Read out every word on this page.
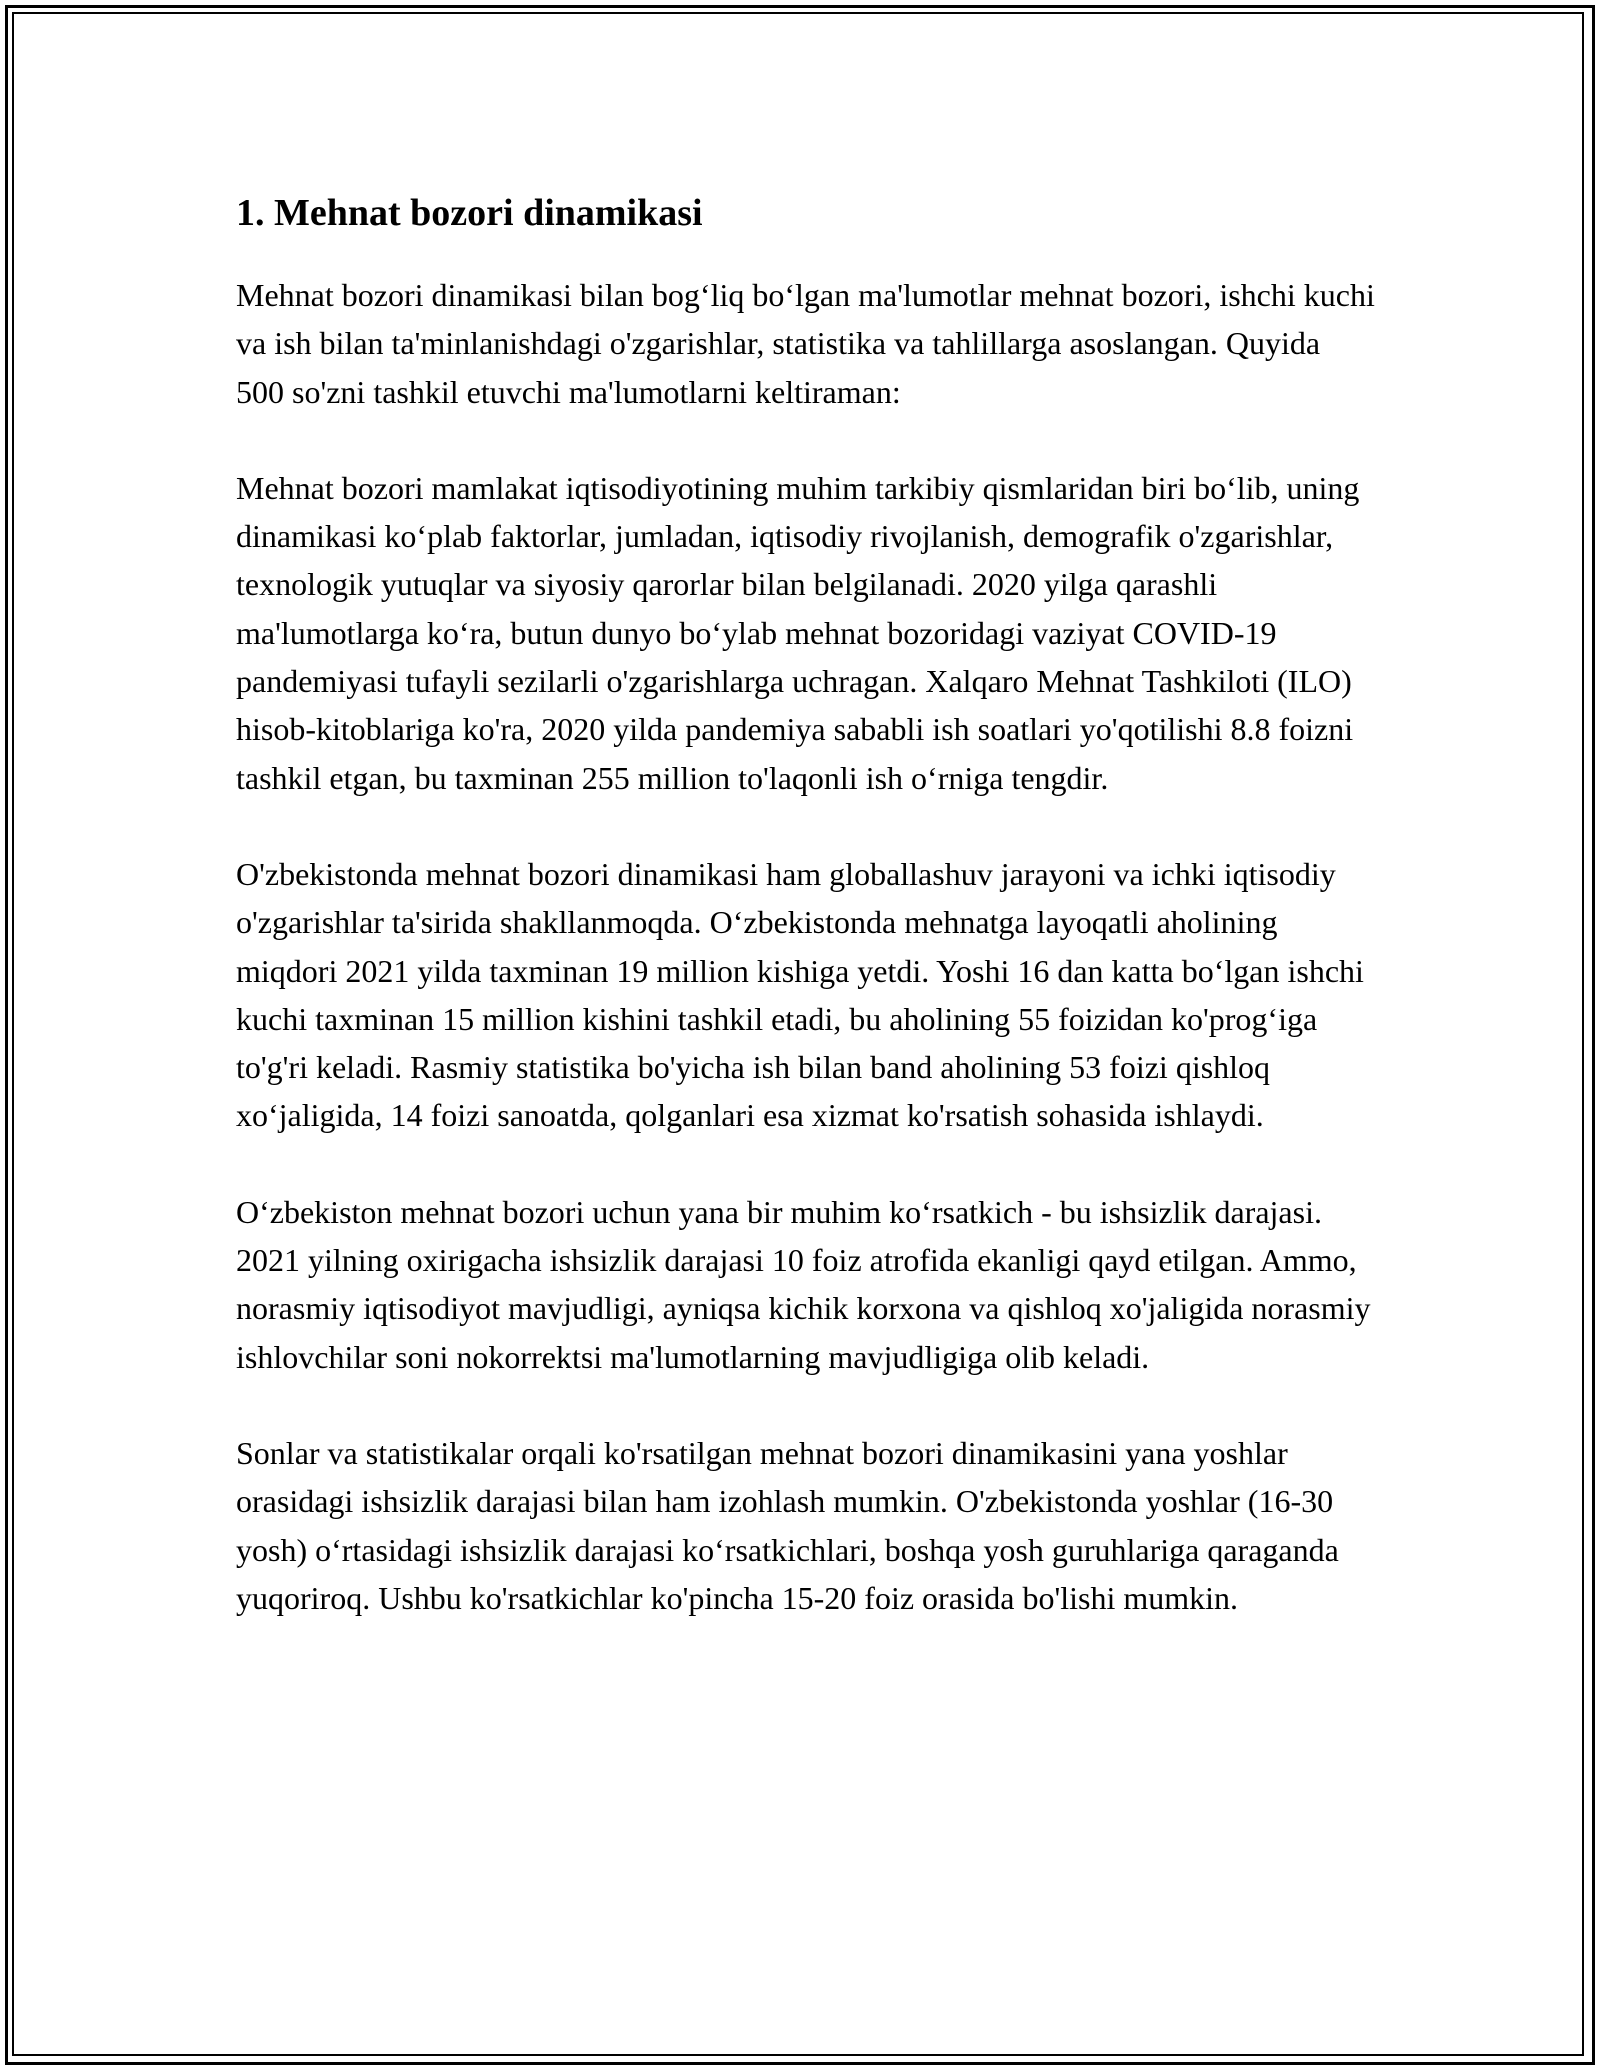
1. Mehnat bozori dinamikasi

Mehnat bozori dinamikasi bilan bog‘liq bo‘lgan ma'lumotlar mehnat bozori, ishchi kuchi va ish bilan ta'minlanishdagi o'zgarishlar, statistika va tahlillarga asoslangan. Quyida 500 so'zni tashkil etuvchi ma'lumotlarni keltiraman:

Mehnat bozori mamlakat iqtisodiyotining muhim tarkibiy qismlaridan biri bo‘lib, uning dinamikasi ko‘plab faktorlar, jumladan, iqtisodiy rivojlanish, demografik o'zgarishlar, texnologik yutuqlar va siyosiy qarorlar bilan belgilanadi. 2020 yilga qarashli ma'lumotlarga ko‘ra, butun dunyo bo‘ylab mehnat bozoridagi vaziyat COVID-19 pandemiyasi tufayli sezilarli o'zgarishlarga uchragan. Xalqaro Mehnat Tashkiloti (ILO) hisob-kitoblariga ko'ra, 2020 yilda pandemiya sababli ish soatlari yo'qotilishi 8.8 foizni tashkil etgan, bu taxminan 255 million to'laqonli ish o‘rniga tengdir.

O'zbekistonda mehnat bozori dinamikasi ham globallashuv jarayoni va ichki iqtisodiy o'zgarishlar ta'sirida shakllanmoqda. O‘zbekistonda mehnatga layoqatli aholining miqdori 2021 yilda taxminan 19 million kishiga yetdi. Yoshi 16 dan katta bo‘lgan ishchi kuchi taxminan 15 million kishini tashkil etadi, bu aholining 55 foizidan ko'prog‘iga to'g'ri keladi. Rasmiy statistika bo'yicha ish bilan band aholining 53 foizi qishloq xo‘jaligida, 14 foizi sanoatda, qolganlari esa xizmat ko'rsatish sohasida ishlaydi.

O‘zbekiston mehnat bozori uchun yana bir muhim ko‘rsatkich - bu ishsizlik darajasi. 2021 yilning oxirigacha ishsizlik darajasi 10 foiz atrofida ekanligi qayd etilgan. Ammo, norasmiy iqtisodiyot mavjudligi, ayniqsa kichik korxona va qishloq xo'jaligida norasmiy ishlovchilar soni nokorrektsi ma'lumotlarning mavjudligiga olib keladi.

Sonlar va statistikalar orqali ko'rsatilgan mehnat bozori dinamikasini yana yoshlar orasidagi ishsizlik darajasi bilan ham izohlash mumkin. O'zbekistonda yoshlar (16-30 yosh) o‘rtasidagi ishsizlik darajasi ko‘rsatkichlari, boshqa yosh guruhlariga qaraganda yuqoriroq. Ushbu ko'rsatkichlar ko'pincha 15-20 foiz orasida bo'lishi mumkin.
